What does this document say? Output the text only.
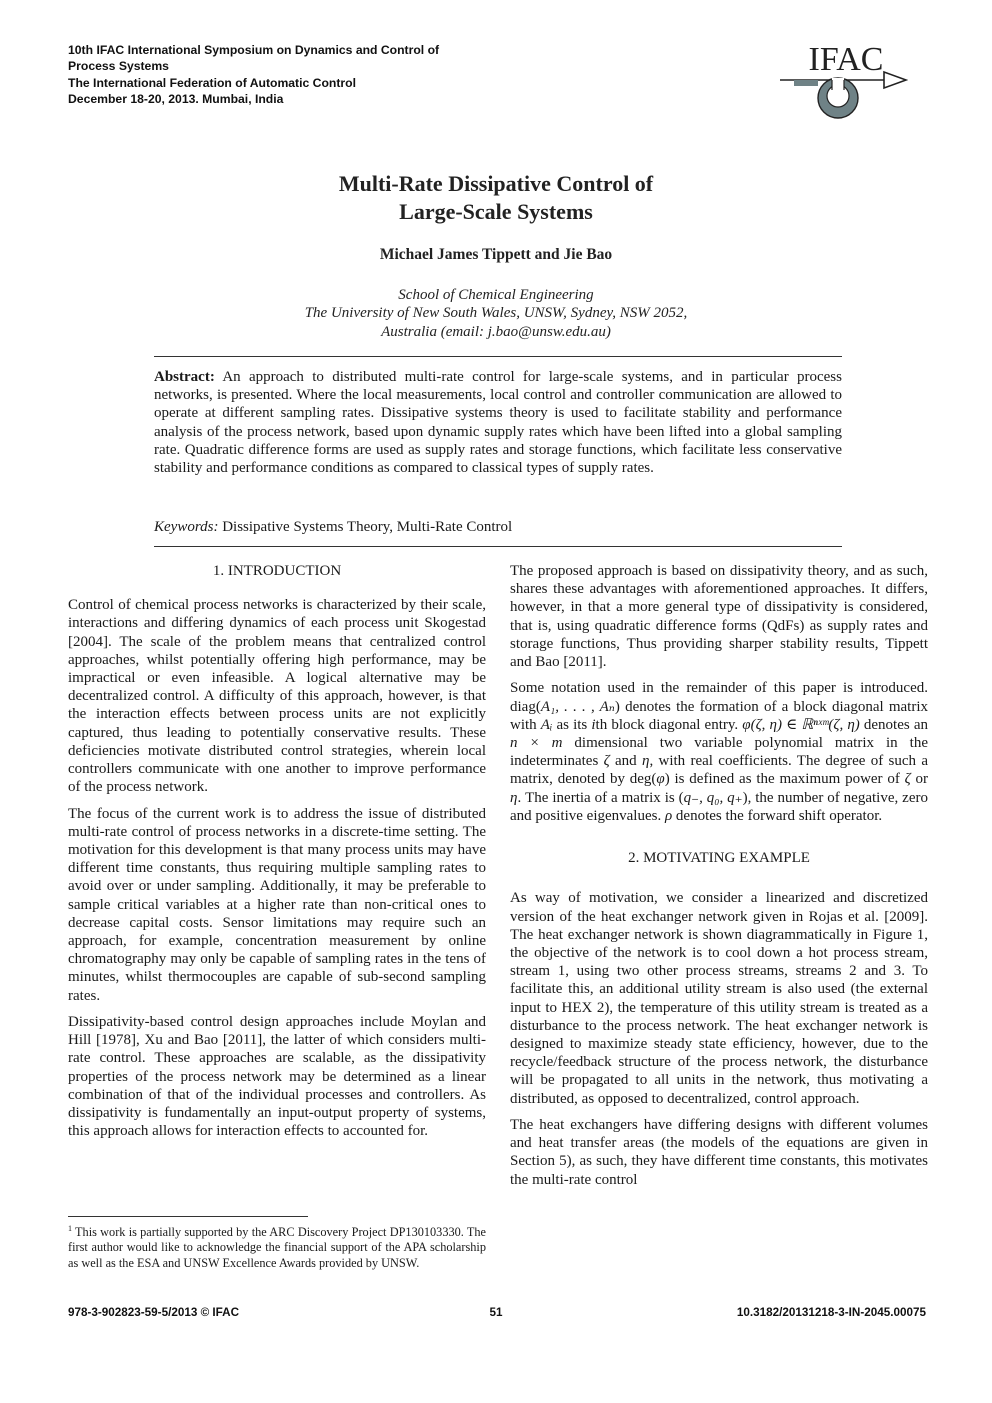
10th IFAC International Symposium on Dynamics and Control of
Process Systems
The International Federation of Automatic Control
December 18-20, 2013. Mumbai, India
IFAC
Multi-Rate Dissipative Control of
Large-Scale Systems
Michael James Tippett and Jie Bao
School of Chemical Engineering
The University of New South Wales, UNSW, Sydney, NSW 2052,
Australia (email: j.bao@unsw.edu.au)
Abstract: An approach to distributed multi-rate control for large-scale systems, and in particular process networks, is presented. Where the local measurements, local control and controller communication are allowed to operate at different sampling rates. Dissipative systems theory is used to facilitate stability and performance analysis of the process network, based upon dynamic supply rates which have been lifted into a global sampling rate. Quadratic difference forms are used as supply rates and storage functions, which facilitate less conservative stability and performance conditions as compared to classical types of supply rates.
Keywords: Dissipative Systems Theory, Multi-Rate Control
1. INTRODUCTION

Control of chemical process networks is characterized by their scale, interactions and differing dynamics of each process unit Skogestad [2004]. The scale of the problem means that centralized control approaches, whilst potentially offering high performance, may be impractical or even infeasible. A logical alternative may be decentralized control. A difficulty of this approach, however, is that the interaction effects between process units are not explicitly captured, thus leading to potentially conservative results. These deficiencies motivate distributed control strategies, wherein local controllers communicate with one another to improve performance of the process network.

The focus of the current work is to address the issue of distributed multi-rate control of process networks in a discrete-time setting. The motivation for this development is that many process units may have different time constants, thus requiring multiple sampling rates to avoid over or under sampling. Additionally, it may be preferable to sample critical variables at a higher rate than non-critical ones to decrease capital costs. Sensor limitations may require such an approach, for example, concentration measurement by online chromatography may only be capable of sampling rates in the tens of minutes, whilst thermocouples are capable of sub-second sampling rates.

Dissipativity-based control design approaches include Moylan and Hill [1978], Xu and Bao [2011], the latter of which considers multi-rate control. These approaches are scalable, as the dissipativity properties of the process network may be determined as a linear combination of that of the individual processes and controllers. As dissipativity is fundamentally an input-output property of systems, this approach allows for interaction effects to accounted for.

$^1$ This work is partially supported by the ARC Discovery Project DP130103330. The first author would like to acknowledge the financial support of the APA scholarship as well as the ESA and UNSW Excellence Awards provided by UNSW.

The proposed approach is based on dissipativity theory, and as such, shares these advantages with aforementioned approaches. It differs, however, in that a more general type of dissipativity is considered, that is, using quadratic difference forms (QdFs) as supply rates and storage functions, Thus providing sharper stability results, Tippett and Bao [2011].

Some notation used in the remainder of this paper is introduced. diag(A₁, . . . , Aₙ) denotes the formation of a block diagonal matrix with Aᵢ as its ith block diagonal entry. φ(ζ, η) ∈ ℝⁿˣᵐ(ζ, η) denotes an n × m dimensional two variable polynomial matrix in the indeterminates ζ and η, with real coefficients. The degree of such a matrix, denoted by deg(φ) is defined as the maximum power of ζ or η. The inertia of a matrix is (q₋, q₀, q₊), the number of negative, zero and positive eigenvalues. ρ denotes the forward shift operator.

2. MOTIVATING EXAMPLE

As way of motivation, we consider a linearized and discretized version of the heat exchanger network given in Rojas et al. [2009]. The heat exchanger network is shown diagrammatically in Figure 1, the objective of the network is to cool down a hot process stream, stream 1, using two other process streams, streams 2 and 3. To facilitate this, an additional utility stream is also used (the external input to HEX 2), the temperature of this utility stream is treated as a disturbance to the process network. The heat exchanger network is designed to maximize steady state efficiency, however, due to the recycle/feedback structure of the process network, the disturbance will be propagated to all units in the network, thus motivating a distributed, as opposed to decentralized, control approach.

The heat exchangers have differing designs with different volumes and heat transfer areas (the models of the equations are given in Section 5), as such, they have different time constants, this motivates the multi-rate control

978-3-902823-59-5/2013 © IFAC	51	10.3182/20131218-3-IN-2045.00075
